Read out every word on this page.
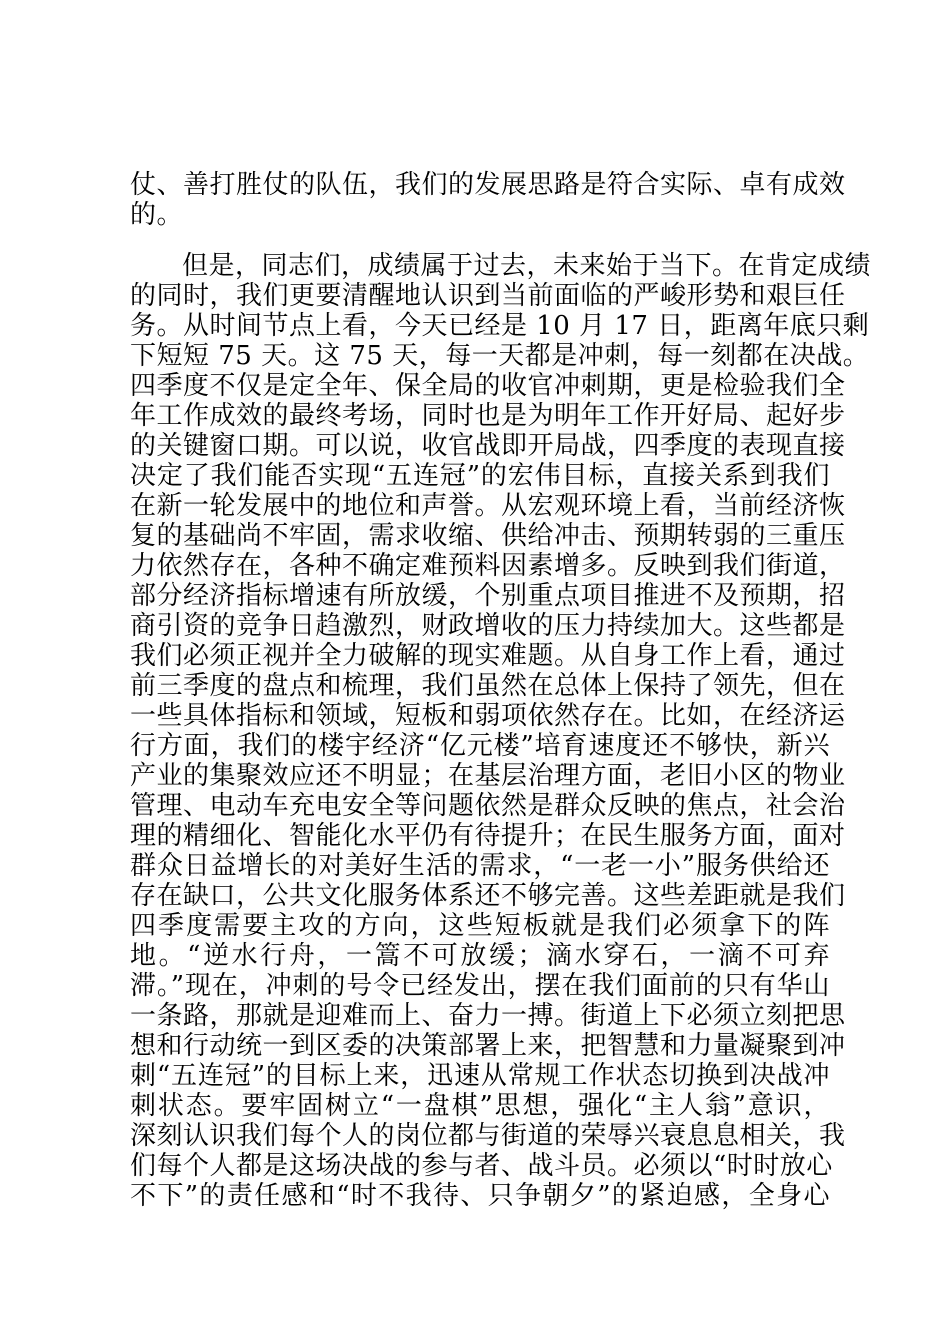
仗、善打胜仗的队伍，我们的发展思路是符合实际、卓有成效
的。
但是，同志们，成绩属于过去，未来始于当下。在肯定成绩
的同时，我们更要清醒地认识到当前面临的严峻形势和艰巨任
务。从时间节点上看，今天已经是 10 月 17 日，距离年底只剩
下短短 75 天。这 75 天，每一天都是冲刺，每一刻都在决战。
四季度不仅是定全年、保全局的收官冲刺期，更是检验我们全
年工作成效的最终考场，同时也是为明年工作开好局、起好步
的关键窗口期。可以说，收官战即开局战，四季度的表现直接
决定了我们能否实现“五连冠”的宏伟目标，直接关系到我们
在新一轮发展中的地位和声誉。从宏观环境上看，当前经济恢
复的基础尚不牢固，需求收缩、供给冲击、预期转弱的三重压
力依然存在，各种不确定难预料因素增多。反映到我们街道，
部分经济指标增速有所放缓，个别重点项目推进不及预期，招
商引资的竞争日趋激烈，财政增收的压力持续加大。这些都是
我们必须正视并全力破解的现实难题。从自身工作上看，通过
前三季度的盘点和梳理，我们虽然在总体上保持了领先，但在
一些具体指标和领域，短板和弱项依然存在。比如，在经济运
行方面，我们的楼宇经济“亿元楼”培育速度还不够快，新兴
产业的集聚效应还不明显；在基层治理方面，老旧小区的物业
管理、电动车充电安全等问题依然是群众反映的焦点，社会治
理的精细化、智能化水平仍有待提升；在民生服务方面，面对
群众日益增长的对美好生活的需求，“一老一小”服务供给还
存在缺口，公共文化服务体系还不够完善。这些差距就是我们
四季度需要主攻的方向，这些短板就是我们必须拿下的阵
地。“逆水行舟，一篙不可放缓；滴水穿石，一滴不可弃
滞。”现在，冲刺的号令已经发出，摆在我们面前的只有华山
一条路，那就是迎难而上、奋力一搏。街道上下必须立刻把思
想和行动统一到区委的决策部署上来，把智慧和力量凝聚到冲
刺“五连冠”的目标上来，迅速从常规工作状态切换到决战冲
刺状态。要牢固树立“一盘棋”思想，强化“主人翁”意识，
深刻认识我们每个人的岗位都与街道的荣辱兴衰息息相关，我
们每个人都是这场决战的参与者、战斗员。必须以“时时放心
不下”的责任感和“时不我待、只争朝夕”的紧迫感，全身心
